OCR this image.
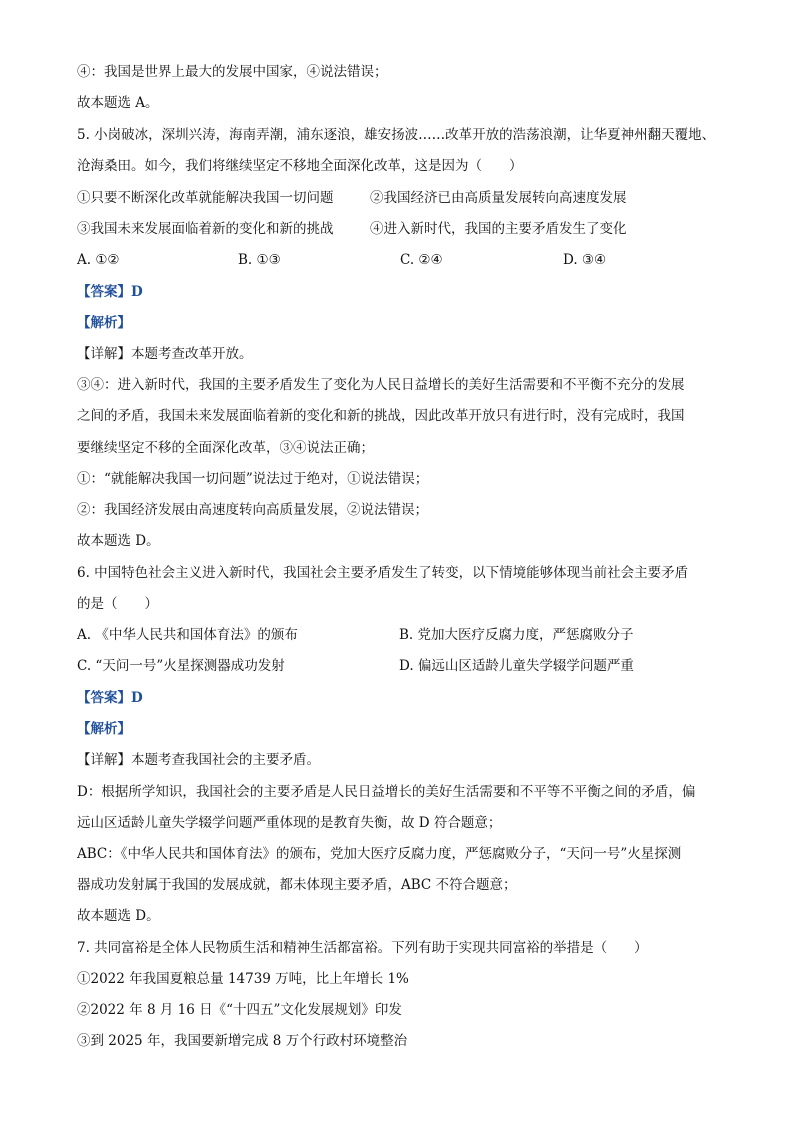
④：我国是世界上最大的发展中国家，④说法错误；
故本题选 A。
5. 小岗破冰，深圳兴涛，海南弄潮，浦东逐浪，雄安扬波……改革开放的浩荡浪潮，让华夏神州翻天覆地、
沧海桑田。如今，我们将继续坚定不移地全面深化改革，这是因为（　　）
①只要不断深化改革就能解决我国一切问题	②我国经济已由高质量发展转向高速度发展
③我国未来发展面临着新的变化和新的挑战	④进入新时代，我国的主要矛盾发生了变化
A. ①②	B. ①③	C. ②④	D. ③④
【答案】D
【解析】
【详解】本题考查改革开放。
③④：进入新时代，我国的主要矛盾发生了变化为人民日益增长的美好生活需要和不平衡不充分的发展
之间的矛盾，我国未来发展面临着新的变化和新的挑战，因此改革开放只有进行时，没有完成时，我国
要继续坚定不移的全面深化改革，③④说法正确；
①：“就能解决我国一切问题”说法过于绝对，①说法错误；
②：我国经济发展由高速度转向高质量发展，②说法错误；
故本题选 D。
6. 中国特色社会主义进入新时代，我国社会主要矛盾发生了转变，以下情境能够体现当前社会主要矛盾
的是（　　）
A. 《中华人民共和国体育法》的颁布	B. 党加大医疗反腐力度，严惩腐败分子
C. “天问一号”火星探测器成功发射	D. 偏远山区适龄儿童失学辍学问题严重
【答案】D
【解析】
【详解】本题考查我国社会的主要矛盾。
D：根据所学知识，我国社会的主要矛盾是人民日益增长的美好生活需要和不平等不平衡之间的矛盾，偏
远山区适龄儿童失学辍学问题严重体现的是教育失衡，故 D 符合题意；
ABC：《中华人民共和国体育法》的颁布，党加大医疗反腐力度，严惩腐败分子，“天问一号”火星探测
器成功发射属于我国的发展成就，都未体现主要矛盾，ABC 不符合题意；
故本题选 D。
7. 共同富裕是全体人民物质生活和精神生活都富裕。下列有助于实现共同富裕的举措是（　　）
①2022 年我国夏粮总量 14739 万吨，比上年增长 1%
②2022 年 8 月 16 日《“十四五”文化发展规划》印发
③到 2025 年，我国要新增完成 8 万个行政村环境整治
